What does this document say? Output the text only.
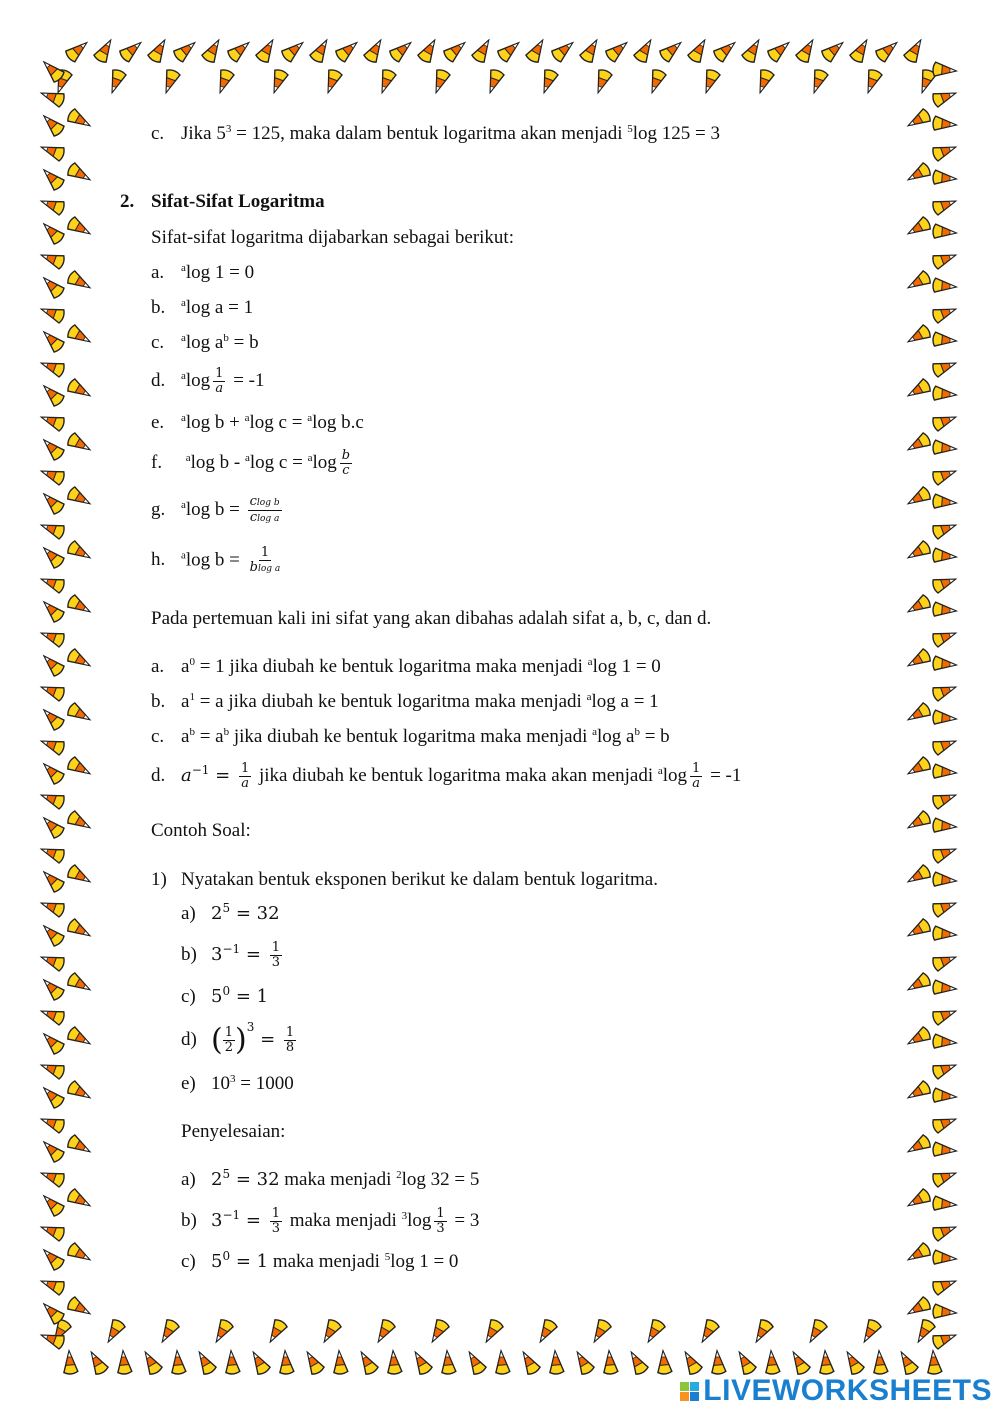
c. Jika $5^3 = 125$, maka dalam bentuk logaritma akan menjadi $^5$log 125 = 3
2. Sifat-Sifat Logaritma
Sifat-sifat logaritma dijabarkan sebagai berikut:
a. $^a$log 1 = 0
b. $^a$log a = 1
c. $^a$log $a^b = b$
d. $^a\log \frac{1}{a} = -1$
e. $^a$log b + $^a$log c = $^a$log b.c
f. $^a$log b - $^a$log $c = ^a\log \frac{b}{c}$
g. $^a$log $b = \frac{\text{clog b}}{\text{clog a}}$
h. $^a$log $b = \frac{1}{\text{blog a}}$
Pada pertemuan kali ini sifat yang akan dibahas adalah sifat a, b, c, dan d.
a. $a^0 = 1$ jika diubah ke bentuk logaritma maka menjadi $^a$log 1 = 0
b. $a^1 = a$ jika diubah ke bentuk logaritma maka menjadi $^a$log a = 1
c. $a^b = a^b$ jika diubah ke bentuk logaritma maka menjadi $^a$log $a^b = b$
d. $a^{-1} = \frac{1}{a}$ jika diubah ke bentuk logaritma maka akan menjadi $^a\log \frac{1}{a} = -1$
Contoh Soal:
1) Nyatakan bentuk eksponen berikut ke dalam bentuk logaritma.
a) $2^5 = 32$
b) $3^{-1} = \frac{1}{3}$
c) $5^0 = 1$
d) ( $\frac{1}{2} )^3 = \frac{1}{8}$
e) $10^3 = 1000$
Penyelesaian:
a) $2^5 = 32$ maka menjadi $^2$log 32 = 5
b) $3^{-1} = \frac{1}{3}$ maka menjadi $^3\log \frac{1}{3} = 3$
c) $5^0 = 1$ maka menjadi $^5$log 1 = 0
LIVEWORKSHEETS
